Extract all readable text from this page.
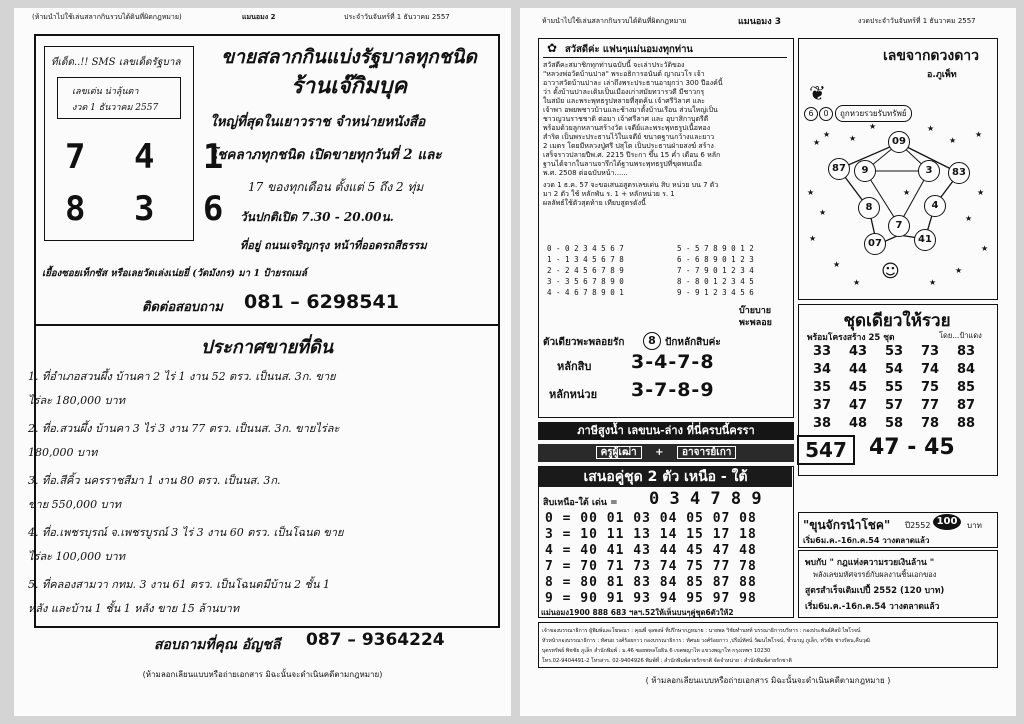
(ห้ามนำไปใช้เล่นสลากกินรวบได้ดินที่ผิดกฎหมาย)	แมนอมง 2	ประจำวันจันทร์ที่ 1 ธันวาคม 2557
ทีเด็ด..!! SMS เลขเด็ดรัฐบาล
เลขเด่น น่าลุ้นตา
งวด 1 ธันวาคม 2557
7 4 1
8 3 6
ขายสลากกินแบ่งรัฐบาลทุกชนิด
ร้านเจ๊กิมบุค
ใหญ่ที่สุดในเยาวราช จำหน่ายหนังสือ
โชคลาภทุกชนิด เปิดขายทุกวันที่ 2 และ
17 ของทุกเดือน ตั้งแต่ 5 ถึง 2 ทุ่ม
วันปกติเปิด 7.30 - 20.00น.
ที่อยู่ ถนนเจริญกรุง หน้าที่ออดรถสีธรรม
เยื้องซอยเท็กซัส หรือเลยวัดเล่งเน่ยยี่ (วัดมังกร) มา 1 ป้ายรถเมล์
ติดต่อสอบถาม 081 – 6298541
ประกาศขายที่ดิน
1. ที่อำเภอสวนผึ้ง บ้านคา 2 ไร่ 1 งาน 52 ตรว. เป็นนส. 3ก. ขาย
ไร่ละ 180,000 บาท
2. ที่อ.สวนผึ้ง บ้านคา 3 ไร่ 3 งาน 77 ตรว. เป็นนส. 3ก. ขายไร่ละ
180,000 บาท
3. ที่อ.สีคิ้ว นครราชสีมา 1 งาน 80 ตรว. เป็นนส. 3ก.
ขาย 550,000 บาท
4. ที่อ.เพชรบุรณ์ จ.เพชรบูรณ์ 3 ไร่ 3 งาน 60 ตรว. เป็นโฉนด ขาย
ไร่ละ 100,000 บาท
5. ที่คลองสามวา กทม. 3 งาน 61 ตรว. เป็นโฉนดมีบ้าน 2 ชั้น 1
หลัง และบ้าน 1 ชั้น 1 หลัง ขาย 15 ล้านบาท
สอบถามที่คุณ อัญชลี 087 – 9364224
(ห้ามลอกเลียนแบบหรือถ่ายเอกสาร มิฉะนั้นจะดำเนินคดีตามกฎหมาย)
ห้ามนำไปใช้เล่นสลากกินรวบได้ดินที่ผิดกฎหมาย	แมนอมง 3	งวดประจำวันจันทร์ที่ 1 ธันวาคม 2557
✿ สวัสดีค่ะ แฟนๆแม่นอมงทุกท่าน
สวัสดีคะสมาชิกทุกท่านฉบับนี้ จะเล่าประวัติของ
"หลวงพ่อวัดบ้านปาล" พระอธิการอนันต์ ญาณวโร เจ้า
อาวาสวัดบ้านปาละ เล่าถึงพระประธานอายุกว่า 300 ปีองค์นี้
ว่า ตั้งบ้านปาละเดิมเป็นเมืองเก่าสมัยทวารวดี มีชาวกรุ
ในสมัย และพระพุทธรูปหลายที่สุดค้น เจ้าศรีวิลาศ และ
เจ้าพา อพยพชาวบ้านและช้างมาตั้งบ้านเรือน ส่วนใหญ่เป็น
ชาวญวนราชชาติ ต่อมา เจ้าศรีลาศ และ อุบาสิกาบุตรีดี
พร้อมด้วยลูกหลานสร้างวัด เจดีย์และพระพุทธรูปเนื้อทอง
สำริด เป็นพระประธานไว้ในเจดีย์ ขนาดฐานกว้างและยาว
2 เมตร โดยมีหลวงปู่ศรี ปสุโต เป็นประธานฝ่ายสงฆ์ สร้าง
เสร็จราวปลายปีพ.ศ. 2215 ปีระกา ขึ้น 15 ค่ำ เดือน 6 หลัก
ฐานได้จากในลานจารึกได้ฐานพระพุทธรูปที่ขุดพบเมื่อ
พ.ศ. 2508 ต่อฉบับหน้า......
งวด 1 ธ.ค. 57 จะขอเสนอสูตรเลขเด่น สิบ หน่วย บน 7 ตัว
มา 2 ตัว ใช้ หลักพัน ร. 1 + หลักหน่วย ร. 1
ผลลัพธ์ใช้ตัวสุดท้าย เทียบสูตรดังนี้
0 - 0 2 3 4 5 6 7	5 - 5 7 8 9 0 1 2
1 - 1 3 4 5 6 7 8	6 - 6 8 9 0 1 2 3
2 - 2 4 5 6 7 8 9	7 - 7 9 0 1 2 3 4
3 - 3 5 6 7 8 9 0	8 - 8 0 1 2 3 4 5
4 - 4 6 7 8 9 0 1	9 - 9 1 2 3 4 5 6
บ๊ายบาย
พะพลอย
ตัวเดียวพะพลอยรัก	8 ปักหลักสิบค่ะ
หลักสิบ 3-4-7-8
หลักหน่วย 3-7-8-9
เลขจากดวงดาว
อ.ภูเพ็ท
❦
6	0	ถูกหวยรวยรับทรัพย์
09
87	9	3	83
8	4
7
07	41
★
★ ★
★	★
★
★
★
★
★
★
★
★
★
★
★
★	★
☺
ชุดเดียวให้รวย
พร้อมโครงสร้าง 25 ชุด	โดย...ป้าแดง
33 43 53 73 83
34 44 54 74 84
35 45 55 75 85
37 47 57 77 87
38 48 58 78 88
547	47 - 45
ภาษีสูงน้ำ เลขบน-ล่าง ที่นี่ครบนี้ครรา
ครูผู้เฒ่า + อาจารย์เกา
เสนอคู่ชุด 2 ตัว เหนือ - ใต้
สิบเหนือ-ใต้ เด่น = 0 3 4 7 8 9
0 = 00 01 03 04 05 07 08
3 = 10 11 13 14 15 17 18
4 = 40 41 43 44 45 47 48
7 = 70 71 73 74 75 77 78
8 = 80 81 83 84 85 87 88
9 = 90 91 93 94 95 97 98
แม่นอมง1900 888 683 ฯลฯ.52ให้เห็นบนๆคู่ชุด6ตัวให้2
"ขุนจักรนำโชค" ปี2552 100	บาท
เริ่ม6ม.ค.-16ก.ค.54 วางตลาดแล้ว
พบกับ " กฎแห่งความรวยเงินล้าน "
พลังเลขมหัศจรรย์กับผลงานชิ้นเอกของ
สูตรสำเร็จเติมเปปี้ 2552 (120 บาท)
เริ่ม6ม.ค.-16ก.ค.54 วางตลาดแล้ว
เจ้าของบรรณาธิการ ผู้พิมพ์และโฆษณา : คุณพี่ จุลพงษ์ ที่ปรึกษากฎหมาย : นายพล วิชัยทำนทท์ บรรณาธิการบริหาร : กองประพันธ์ศิลป์ ไพโรจน์
หัวหน้ากองบรรณาธิการ : ทัศนย วงศ์ร้อยกาว กองบรรณาธิการ : ทัศนย วงศ์ร้อยกาว ,ปรีณ์ทัศน์ วัฒนไพโรจน์, ช้ำนาญ ภูเล็ก, ทวีชัย ช่างรัตน,คืนวุฒิ
บุตรทรัพย์ พิชชัย ภูเล็ก สำนักพิมพ์ : ม.46 ซอยพหลโยธิน 6 เขตพญาไท แขวงพญาไท กรุงเทพฯ 10230
โทร.02-9404491-2 โทรสาร. 02-9404926 พิมพ์ที่ : สำนักพิมพ์สายรักชาติ จัดจำหน่าย : สำนักพิมพ์สายรักชาติ
( ห้ามลอกเลียนแบบหรือถ่ายเอกสาร มิฉะนั้นจะดำเนินคดีตามกฎหมาย )
